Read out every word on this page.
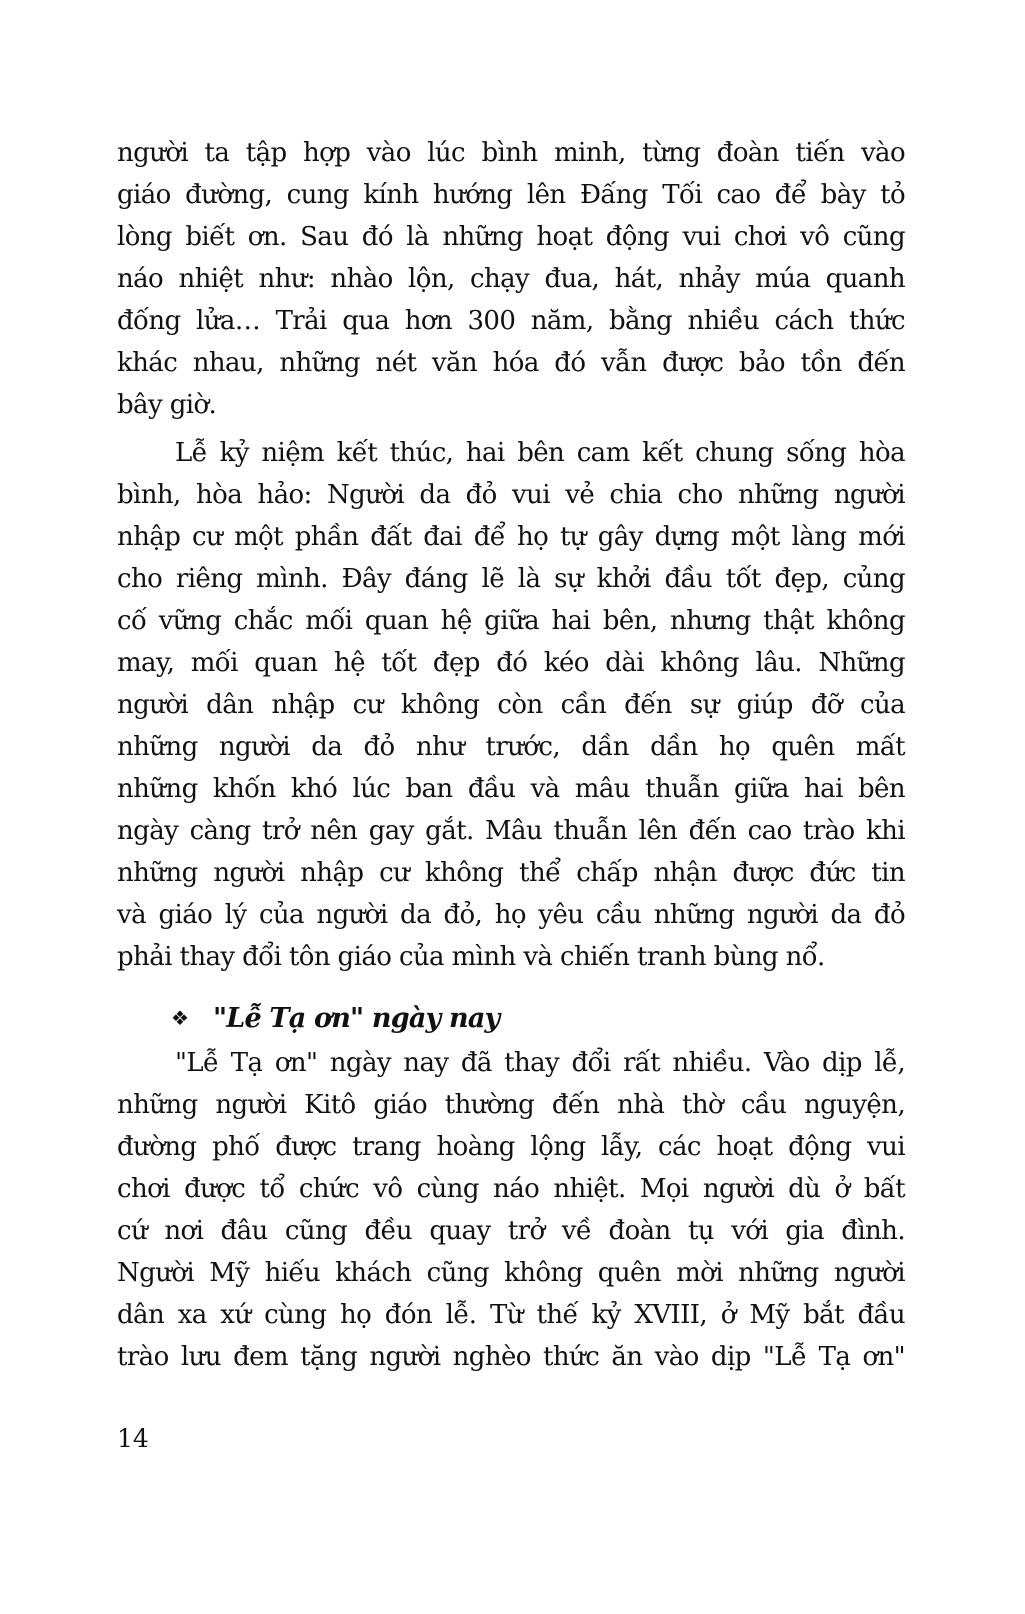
người ta tập hợp vào lúc bình minh, từng đoàn tiến vào
giáo đường, cung kính hướng lên Đấng Tối cao để bày tỏ
lòng biết ơn. Sau đó là những hoạt động vui chơi vô cũng
náo nhiệt như: nhào lộn, chạy đua, hát, nhảy múa quanh
đống lửa… Trải qua hơn 300 năm, bằng nhiều cách thức
khác nhau, những nét văn hóa đó vẫn được bảo tồn đến
bây giờ.
Lễ kỷ niệm kết thúc, hai bên cam kết chung sống hòa
bình, hòa hảo: Người da đỏ vui vẻ chia cho những người
nhập cư một phần đất đai để họ tự gây dựng một làng mới
cho riêng mình. Đây đáng lẽ là sự khởi đầu tốt đẹp, củng
cố vững chắc mối quan hệ giữa hai bên, nhưng thật không
may, mối quan hệ tốt đẹp đó kéo dài không lâu. Những
người dân nhập cư không còn cần đến sự giúp đỡ của
những người da đỏ như trước, dần dần họ quên mất
những khốn khó lúc ban đầu và mâu thuẫn giữa hai bên
ngày càng trở nên gay gắt. Mâu thuẫn lên đến cao trào khi
những người nhập cư không thể chấp nhận được đức tin
và giáo lý của người da đỏ, họ yêu cầu những người da đỏ
phải thay đổi tôn giáo của mình và chiến tranh bùng nổ.
❖ "Lễ Tạ ơn" ngày nay
"Lễ Tạ ơn" ngày nay đã thay đổi rất nhiều. Vào dịp lễ,
những người Kitô giáo thường đến nhà thờ cầu nguyện,
đường phố được trang hoàng lộng lẫy, các hoạt động vui
chơi được tổ chức vô cùng náo nhiệt. Mọi người dù ở bất
cứ nơi đâu cũng đều quay trở về đoàn tụ với gia đình.
Người Mỹ hiếu khách cũng không quên mời những người
dân xa xứ cùng họ đón lễ. Từ thế kỷ XVIII, ở Mỹ bắt đầu
trào lưu đem tặng người nghèo thức ăn vào dịp "Lễ Tạ ơn"
14
